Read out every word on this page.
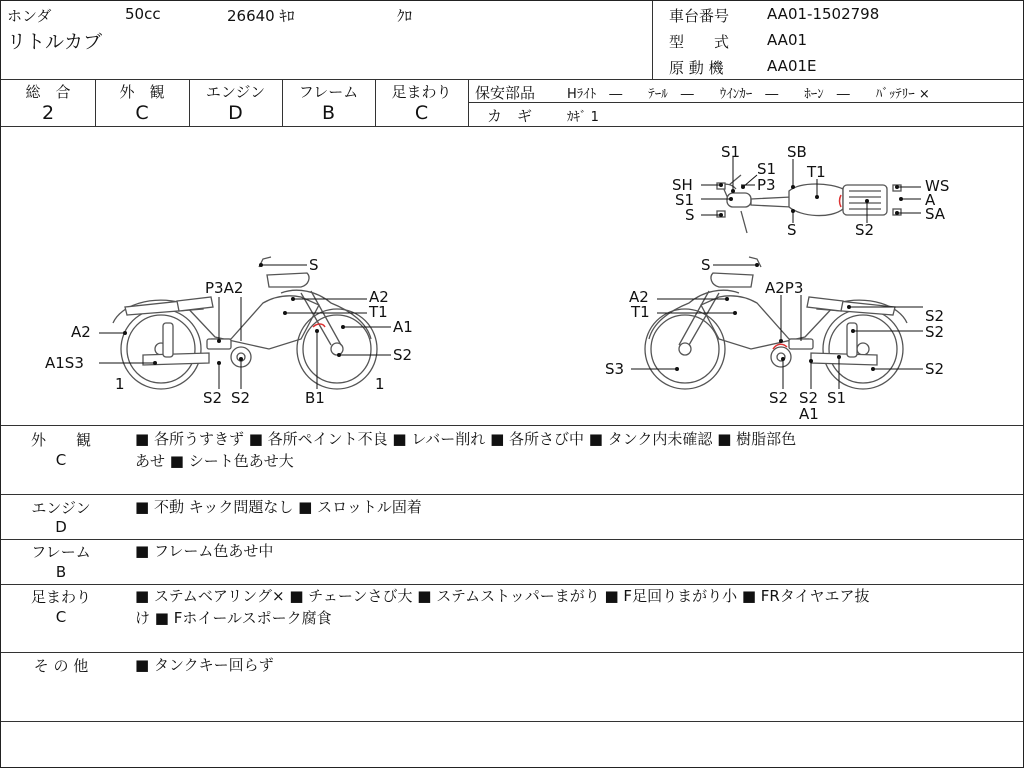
ホンダ	50cc	26640 ｷﾛ	ｸﾛ
リトルカブ
車台番号	AA01-1502798
型　　式	AA01
原 動 機	AA01E
総　合
2
外　観
C
エンジン
D
フレーム
B
足まわり
C
保安部品 Hﾗｲﾄ　―　　ﾃｰﾙ　―　　ｳｲﾝｶｰ　―　　ﾎｰﾝ　―　　ﾊﾞｯﾃﾘｰ ×
カ　ギ	ｶｷﾞ 1
S1	SB
S1 T1
SH	P3	WS
S1	A
S	SA
S	S2
S
P3A2	A2
T1
A2	A1
A1S3	S2
1	1
S2 S2	B1
S
A2	A2P3
T1	S2
S2
S3	S2
S2 S2 S1
A1
外　　観
C
■ 各所うすきず ■ 各所ペイント不良 ■ レバー削れ ■ 各所さび中 ■ タンク内未確認 ■ 樹脂部色
あせ ■ シート色あせ大
エンジン
D
■ 不動 キック問題なし ■ スロットル固着
フレーム
B
■ フレーム色あせ中
足まわり
C
■ ステムベアリング× ■ チェーンさび大 ■ ステムストッパーまがり ■ F足回りまがり小 ■ FRタイヤエア抜
け ■ Fホイールスポーク腐食
そ の 他	■ タンクキー回らず
